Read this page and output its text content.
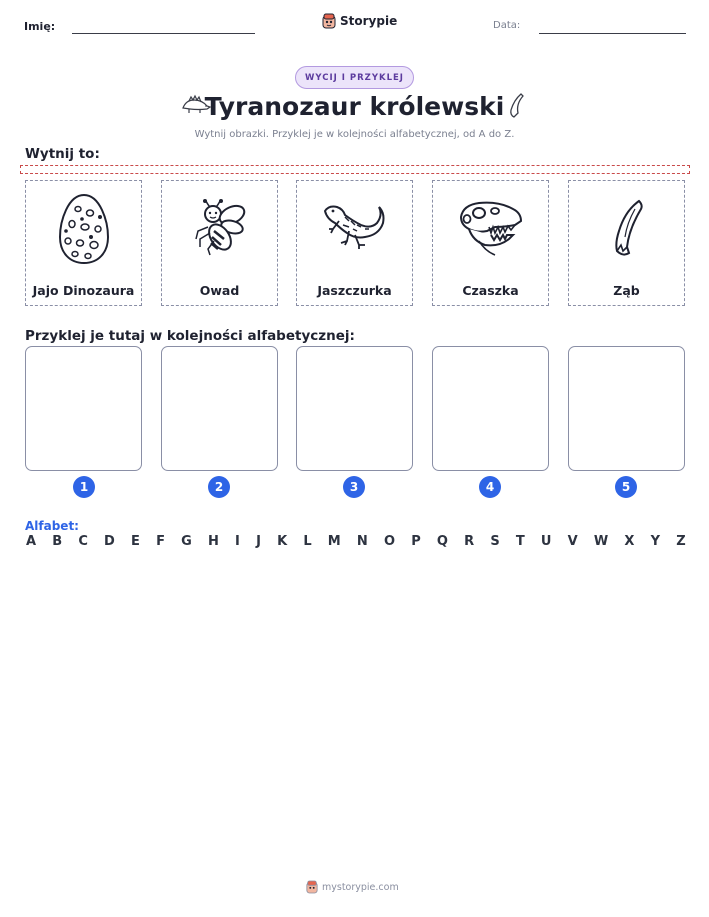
Imię:	Storypie	Data:
WYCIJ I PRZYKLEJ
Tyranozaur królewski
Wytnij obrazki. Przyklej je w kolejności alfabetycznej, od A do Z.
Wytnij to:
Jajo Dinozaura	Owad	Jaszczurka	Czaszka	Ząb
Przyklej je tutaj w kolejności alfabetycznej:
1	2	3	4	5
Alfabet:
A B C D E F G H I J K L M N O P Q R S T U V W X Y Z
mystorypie.com
